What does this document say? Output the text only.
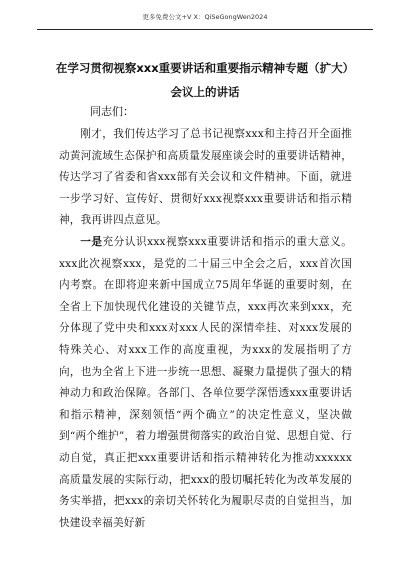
更多免费公文+V X：QiSeGongWen2024
在学习贯彻视察xxx重要讲话和重要指示精神专题（扩大）
会议上的讲话
同志们：

刚才，我们传达学习了总书记视察xxx和主持召开全面推动黄河流域生态保护和高质量发展座谈会时的重要讲话精神，传达学习了省委和省xxx部有关会议和文件精神。下面，就进一步学习好、宣传好、贯彻好xxx视察xxx重要讲话和指示精神，我再讲四点意见。

一是充分认识xxx视察xxx重要讲话和指示的重大意义。xxx此次视察xxx，是党的二十届三中全会之后，xxx首次国内考察。在即将迎来新中国成立75周年华诞的重要时刻，在全省上下加快现代化建设的关键节点，xxx再次来到xxx，充分体现了党中央和xxx对xxx人民的深情牵挂、对xxx发展的特殊关心、对xxx工作的高度重视，为xxx的发展指明了方向，也为全省上下进一步统一思想、凝聚力量提供了强大的精神动力和政治保障。各部门、各单位要学深悟透xxx重要讲话和指示精神，深刻领悟“两个确立”的决定性意义，坚决做到“两个维护”，着力增强贯彻落实的政治自觉、思想自觉、行动自觉，真正把xxx重要讲话和指示精神转化为推动xxxxxx高质量发展的实际行动，把xxx的殷切嘱托转化为改革发展的务实举措，把xxx的亲切关怀转化为履职尽责的自觉担当，加快建设幸福美好新
